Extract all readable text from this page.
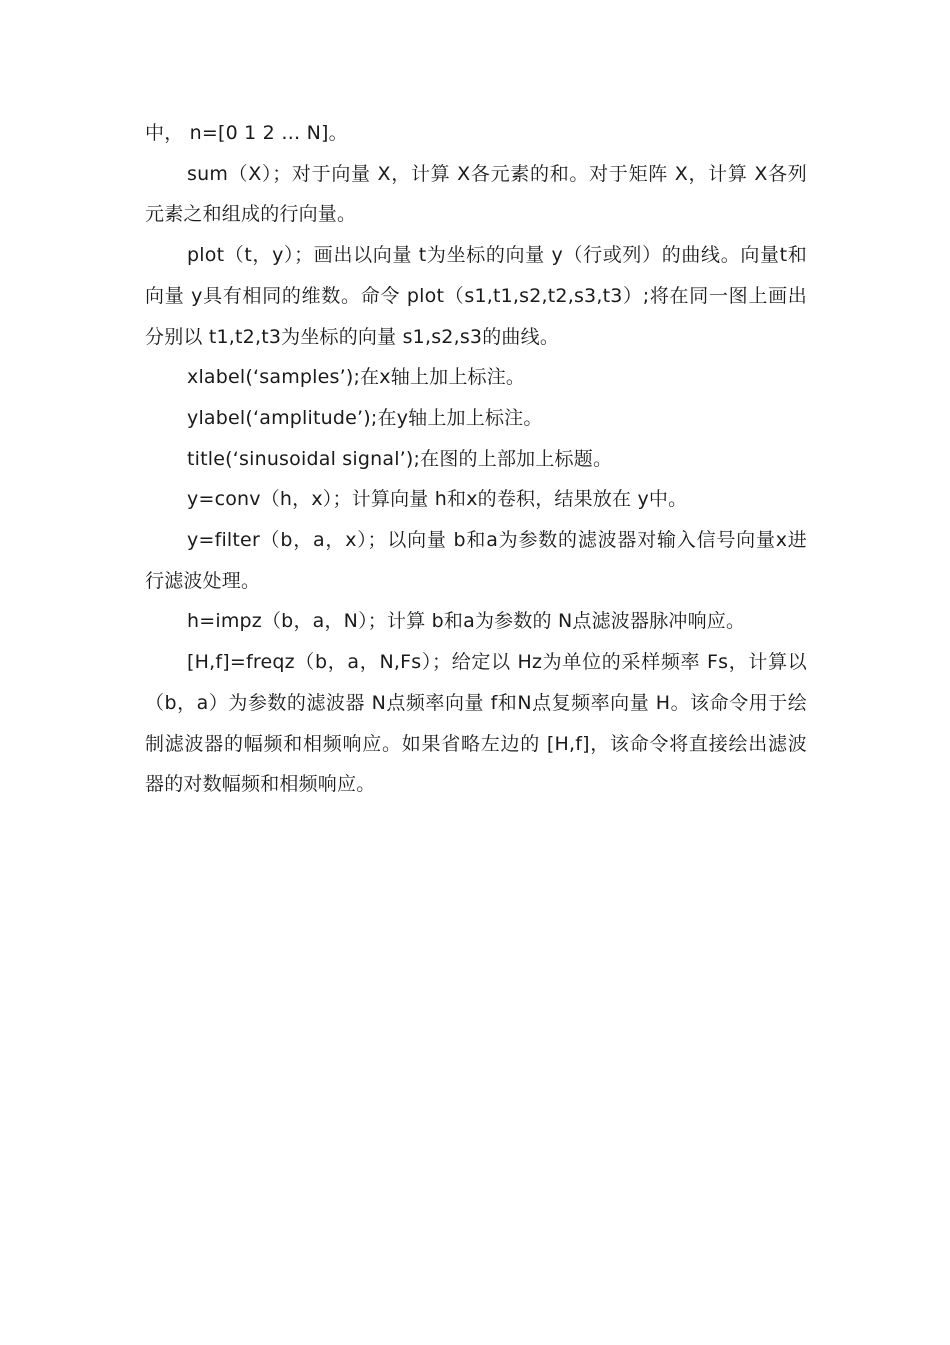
中， n=[0 1 2 … N]。

sum（X）；对于向量 X，计算 X各元素的和。对于矩阵 X，计算 X各列元素之和组成的行向量。

plot（t，y）；画出以向量 t为坐标的向量 y（行或列）的曲线。向量t和向量 y具有相同的维数。命令 plot（s1,t1,s2,t2,s3,t3）;将在同一图上画出分别以 t1,t2,t3为坐标的向量 s1,s2,s3的曲线。

xlabel(‘samples’);在x轴上加上标注。

ylabel(‘amplitude’);在y轴上加上标注。

title(‘sinusoidal signal’);在图的上部加上标题。

y=conv（h，x）；计算向量 h和x的卷积，结果放在 y中。

y=filter（b，a，x）；以向量 b和a为参数的滤波器对输入信号向量x进行滤波处理。

h=impz（b，a，N）；计算 b和a为参数的 N点滤波器脉冲响应。

[H,f]=freqz（b，a，N,Fs）；给定以 Hz为单位的采样频率 Fs，计算以（b，a）为参数的滤波器 N点频率向量 f和N点复频率向量 H。该命令用于绘制滤波器的幅频和相频响应。如果省略左边的 [H,f]，该命令将直接绘出滤波器的对数幅频和相频响应。
